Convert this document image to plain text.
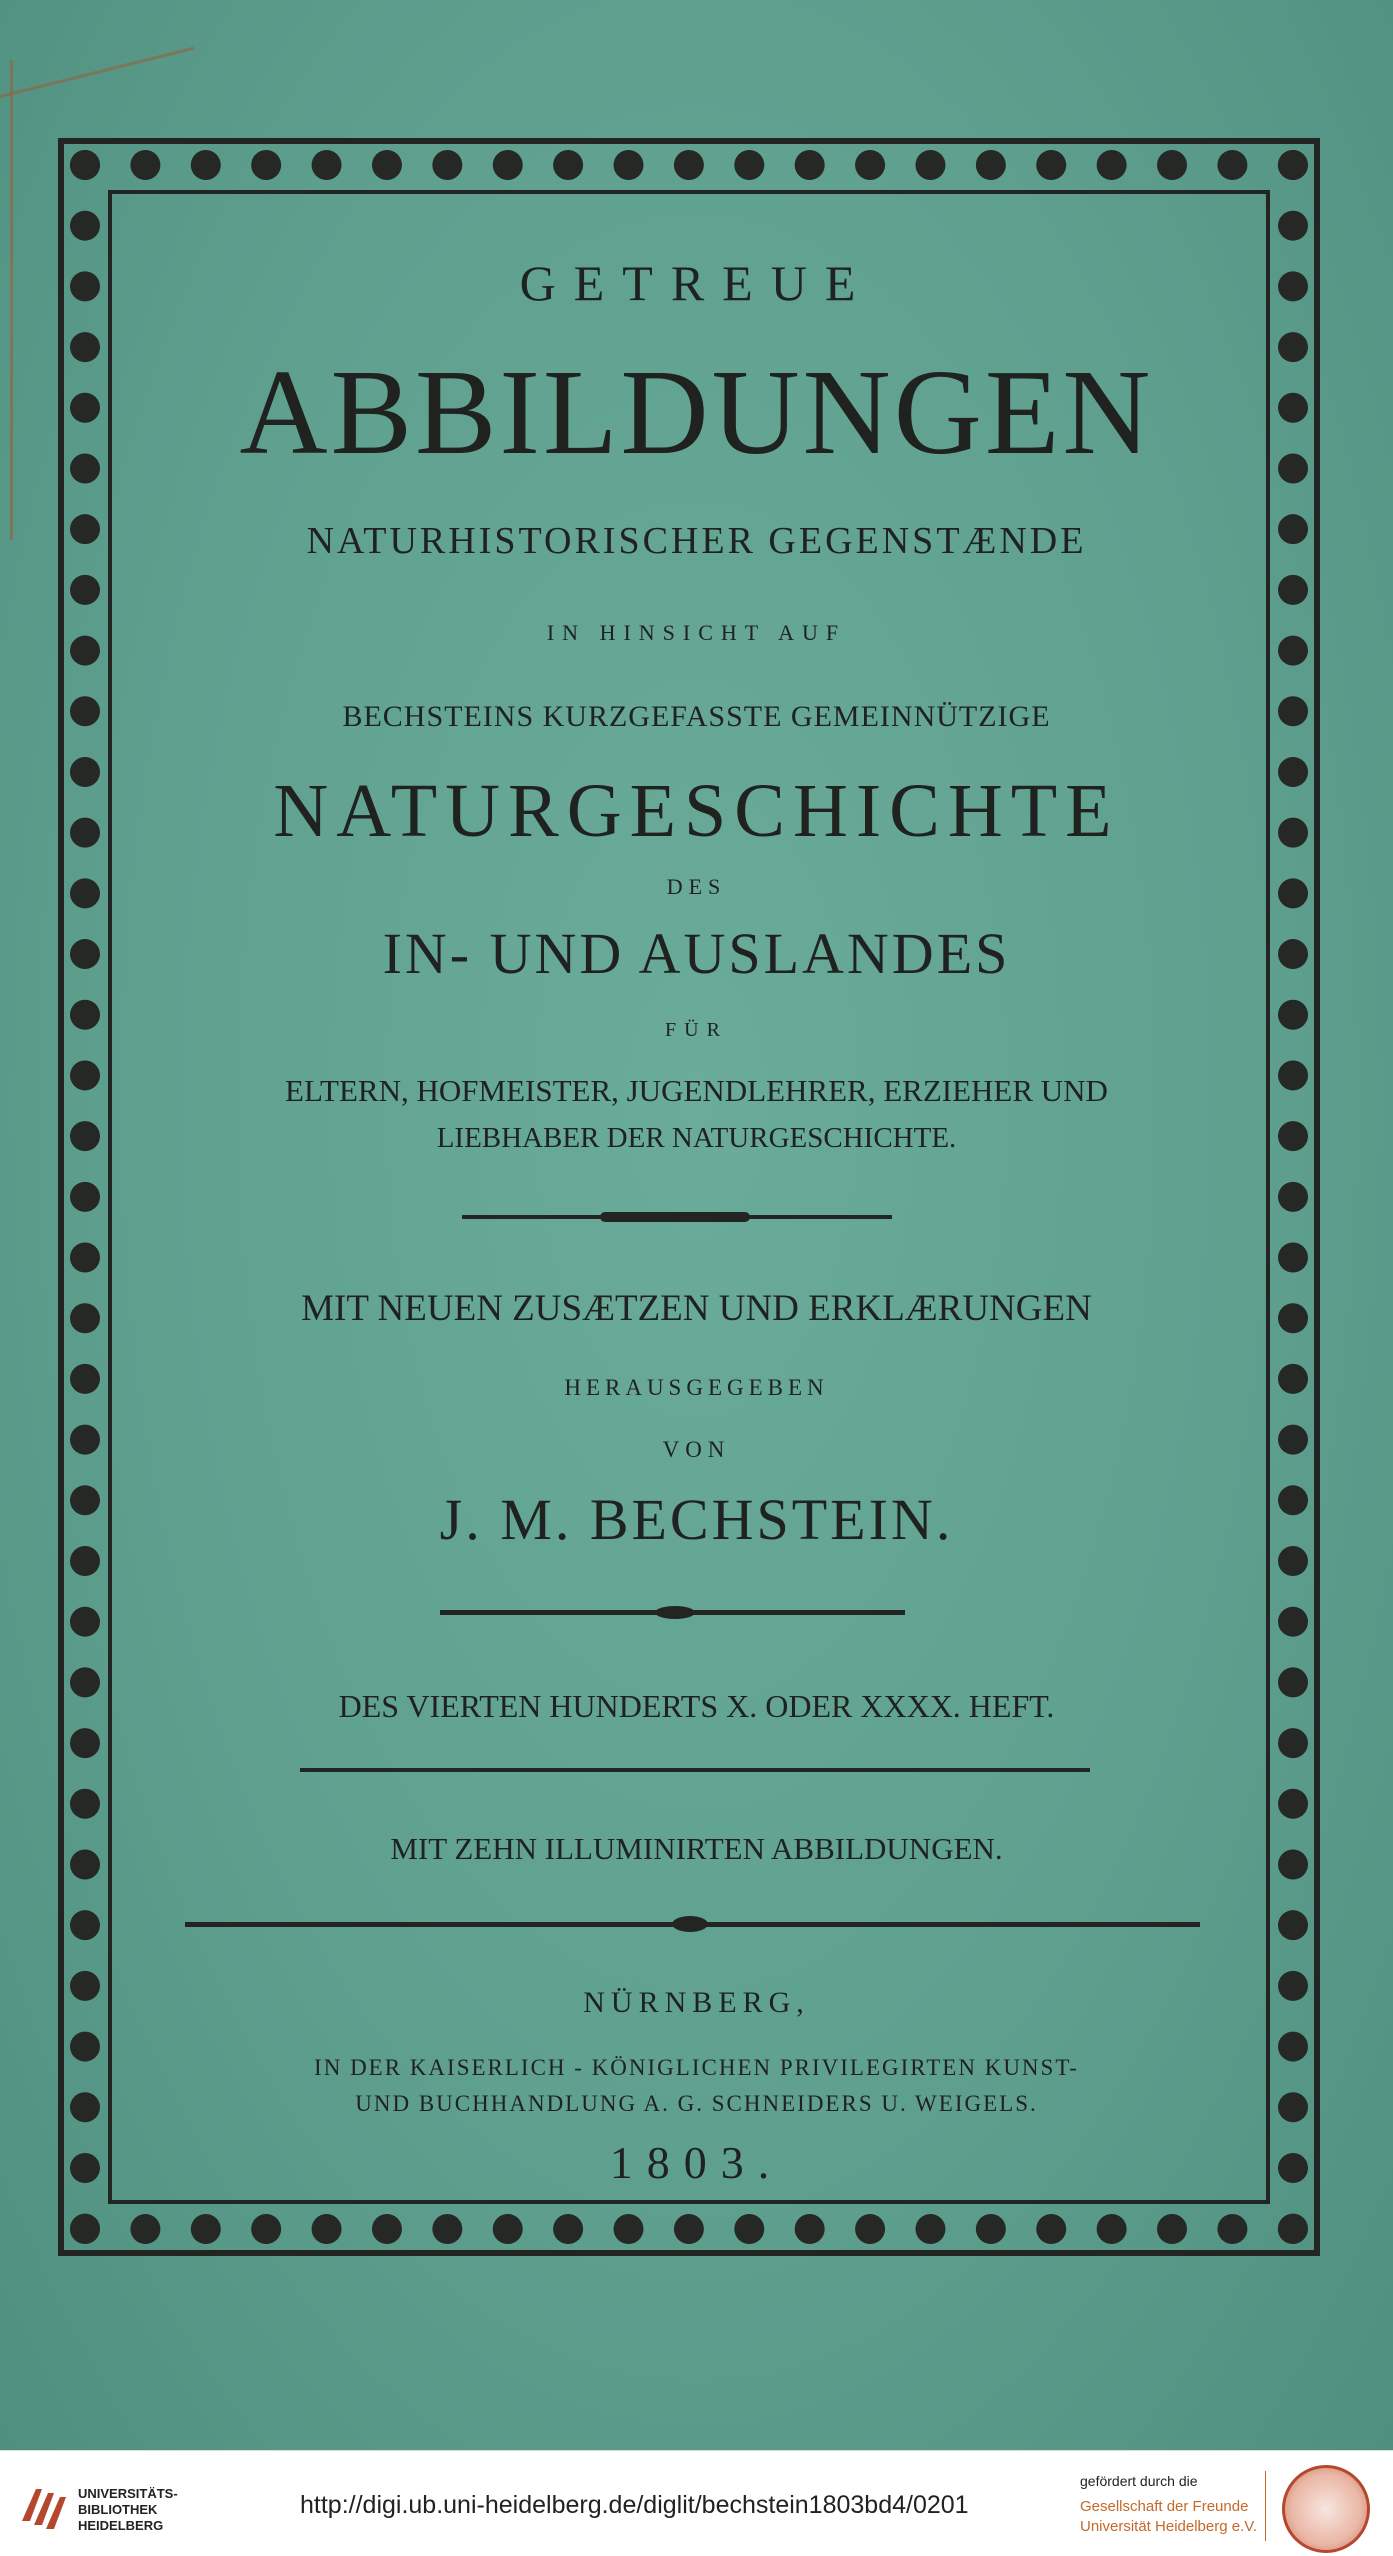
GETREUE

ABBILDUNGEN

NATURHISTORISCHER GEGENSTÆNDE

IN HINSICHT AUF

BECHSTEINS KURZGEFASSTE GEMEINNÜTZIGE

NATURGESCHICHTE

DES

IN- UND AUSLANDES

FÜR

ELTERN, HOFMEISTER, JUGENDLEHRER, ERZIEHER UND

LIEBHABER DER NATURGESCHICHTE.

MIT NEUEN ZUSÆTZEN UND ERKLÆRUNGEN

HERAUSGEGEBEN

VON

J. M. BECHSTEIN.

DES VIERTEN HUNDERTS X. ODER XXXX. HEFT.

MIT ZEHN ILLUMINIRTEN ABBILDUNGEN.

NÜRNBERG,

IN DER KAISERLICH - KÖNIGLICHEN PRIVILEGIRTEN KUNST-

UND BUCHHANDLUNG A. G. SCHNEIDERS U. WEIGELS.

1803.

UNIVERSITÄTS-
BIBLIOTHEK
HEIDELBERG
http://digi.ub.uni-heidelberg.de/diglit/bechstein1803bd4/0201
gefördert durch die
Gesellschaft der Freunde
Universität Heidelberg e.V.
